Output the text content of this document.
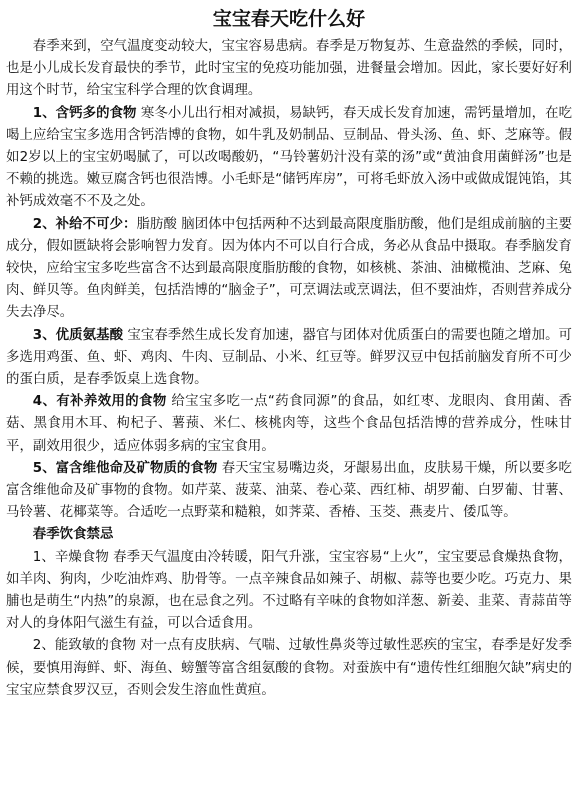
宝宝春天吃什么好

春季来到，空气温度变动较大，宝宝容易患病。春季是万物复苏、生意盎然的季候，同时，也是小儿成长发育最快的季节，此时宝宝的免疫功能加强，进餐量会增加。因此，家长要好好利用这个时节，给宝宝科学合理的饮食调理。

1、含钙多的食物 寒冬小儿出行相对减损，易缺钙，春天成长发育加速，需钙量增加，在吃喝上应给宝宝多选用含钙浩博的食物，如牛乳及奶制品、豆制品、骨头汤、鱼、虾、芝麻等。假如2岁以上的宝宝奶喝腻了，可以改喝酸奶，“马铃薯奶汁没有菜的汤”或“黄油食用菌鲜汤”也是不赖的挑选。嫩豆腐含钙也很浩博。小毛虾是“储钙库房”，可将毛虾放入汤中或做成馄饨馅，其补钙成效毫不不及之处。

2、补给不可少：脂肪酸 脑团体中包括两种不达到最高限度脂肪酸，他们是组成前脑的主要成分，假如匮缺将会影响智力发育。因为体内不可以自行合成，务必从食品中摄取。春季脑发育较快，应给宝宝多吃些富含不达到最高限度脂肪酸的食物，如核桃、茶油、油橄榄油、芝麻、兔肉、鲜贝等。鱼肉鲜美，包括浩博的“脑金子”，可烹调法或烹调法，但不要油炸，否则营养成分失去净尽。

3、优质氨基酸 宝宝春季然生成长发育加速，器官与团体对优质蛋白的需要也随之增加。可多选用鸡蛋、鱼、虾、鸡肉、牛肉、豆制品、小米、红豆等。鲜罗汉豆中包括前脑发育所不可少的蛋白质，是春季饭桌上选食物。

4、有补养效用的食物 给宝宝多吃一点“药食同源”的食品，如红枣、龙眼肉、食用菌、香菇、黑食用木耳、枸杞子、薯蓣、米仁、核桃肉等，这些个食品包括浩博的营养成分，性味甘平，副效用很少，适应体弱多病的宝宝食用。

5、富含维他命及矿物质的食物 春天宝宝易嘴边炎，牙龈易出血，皮肤易干燥，所以要多吃富含维他命及矿事物的食物。如芹菜、菠菜、油菜、卷心菜、西红柿、胡罗葡、白罗葡、甘薯、马铃薯、花椰菜等。合适吃一点野菜和糙粮，如荠菜、香椿、玉茭、燕麦片、倭瓜等。

春季饮食禁忌

1、辛燥食物 春季天气温度由冷转暖，阳气升涨，宝宝容易“上火”，宝宝要忌食燥热食物，如羊肉、狗肉，少吃油炸鸡、肋骨等。一点辛辣食品如辣子、胡椒、蒜等也要少吃。巧克力、果脯也是萌生“内热”的泉源，也在忌食之列。不过略有辛味的食物如洋葱、新姜、韭菜、青蒜苗等对人的身体阳气滋生有益，可以合适食用。

2、能致敏的食物 对一点有皮肤病、气喘、过敏性鼻炎等过敏性恶疾的宝宝，春季是好发季候，要慎用海鲜、虾、海鱼、螃蟹等富含组氨酸的食物。对蚕族中有“遗传性红细胞欠缺”病史的宝宝应禁食罗汉豆，否则会发生溶血性黄疸。
